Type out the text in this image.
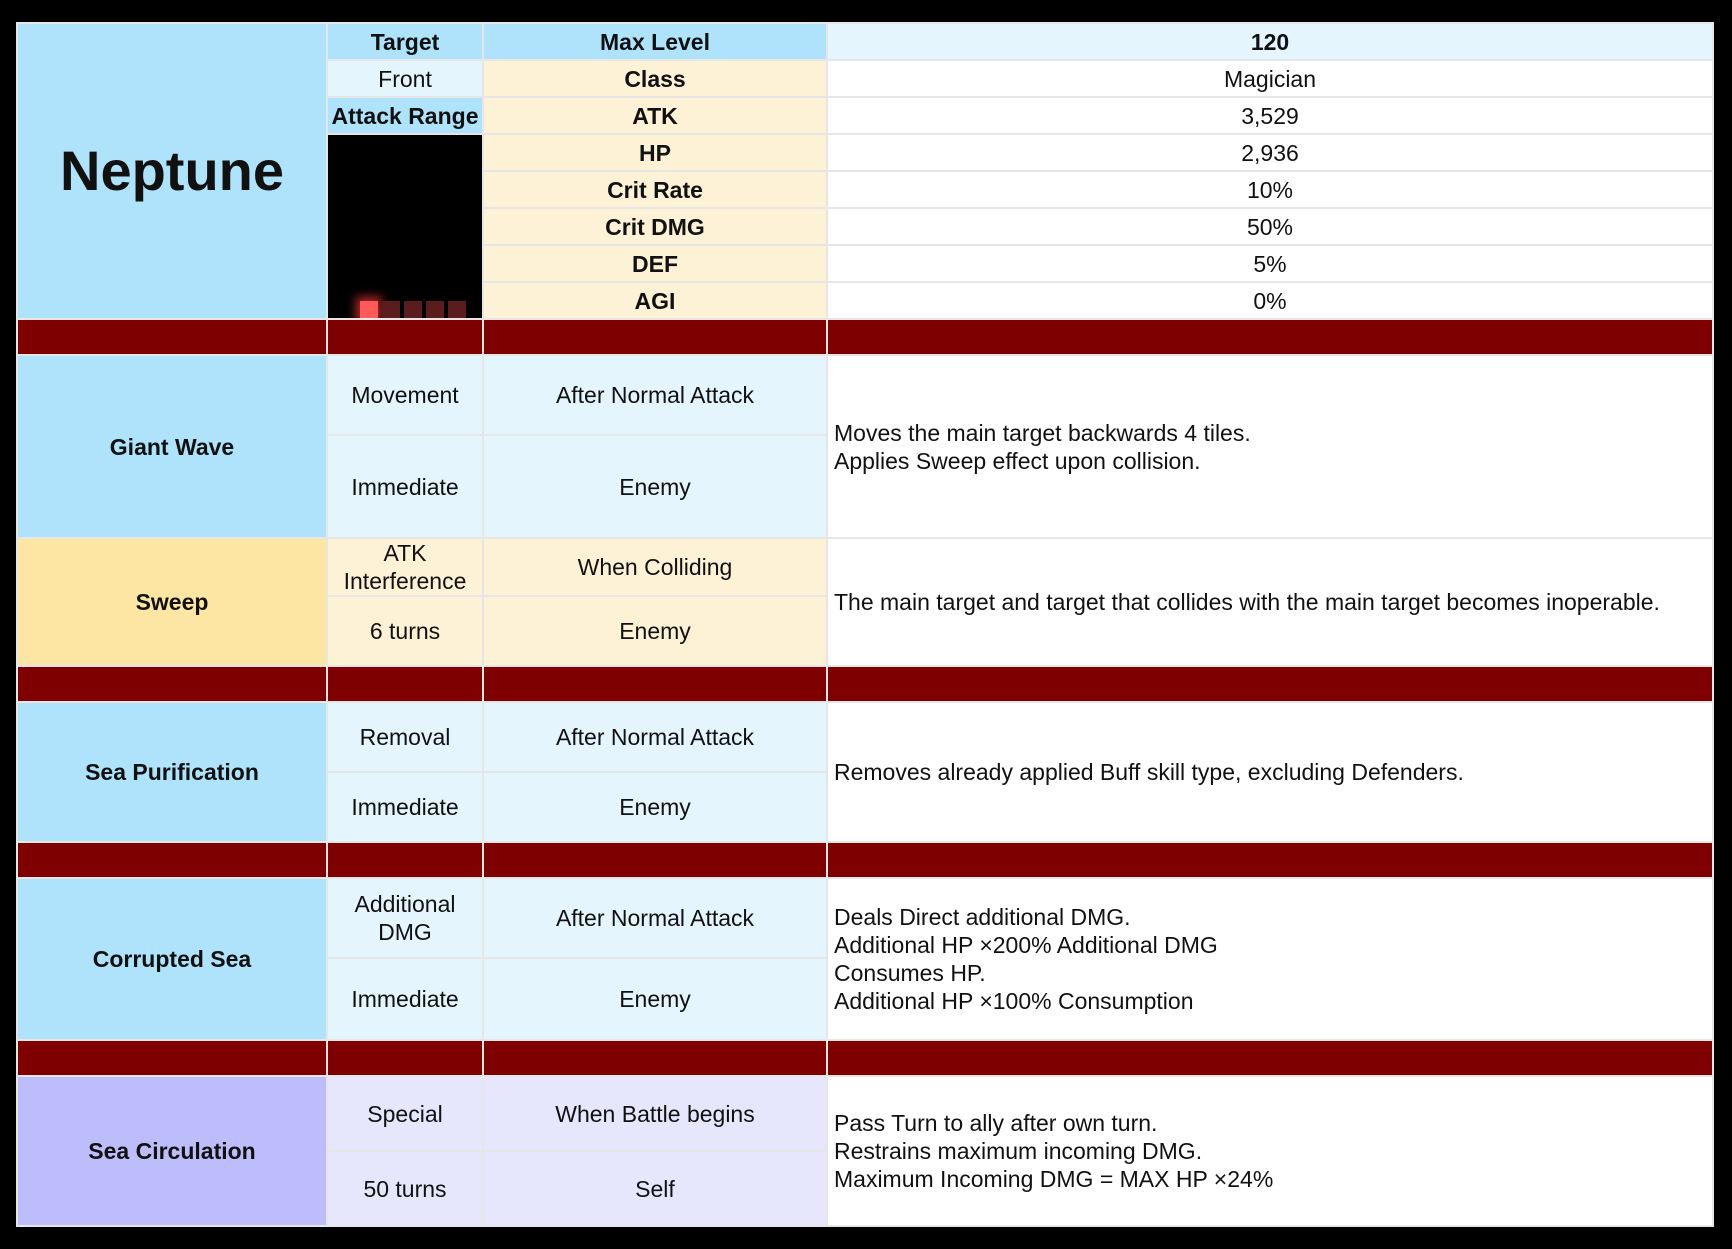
Neptune	Target	Max Level	120
	Front	Class	Magician
	Attack Range	ATK	3,529

		HP	2,936
		Crit Rate	10%
		Crit DMG	50%
		DEF	5%
		AGI	0%

Giant Wave	Movement	After Normal Attack	Moves the main target backwards 4 tiles.
Applies Sweep effect upon collision.
	Immediate	Enemy	
Sweep	ATK Interference	When Colliding	The main target and target that collides with the main target becomes inoperable.
	6 turns	Enemy	

Sea Purification	Removal	After Normal Attack	Removes already applied Buff skill type, excluding Defenders.
	Immediate	Enemy	

Corrupted Sea	Additional DMG	After Normal Attack	Deals Direct additional DMG.
Additional HP ×200% Additional DMG
Consumes HP.
Additional HP ×100% Consumption
	Immediate	Enemy	

Sea Circulation	Special	When Battle begins	Pass Turn to ally after own turn.
Restrains maximum incoming DMG.
Maximum Incoming DMG = MAX HP ×24%
	50 turns	Self	
